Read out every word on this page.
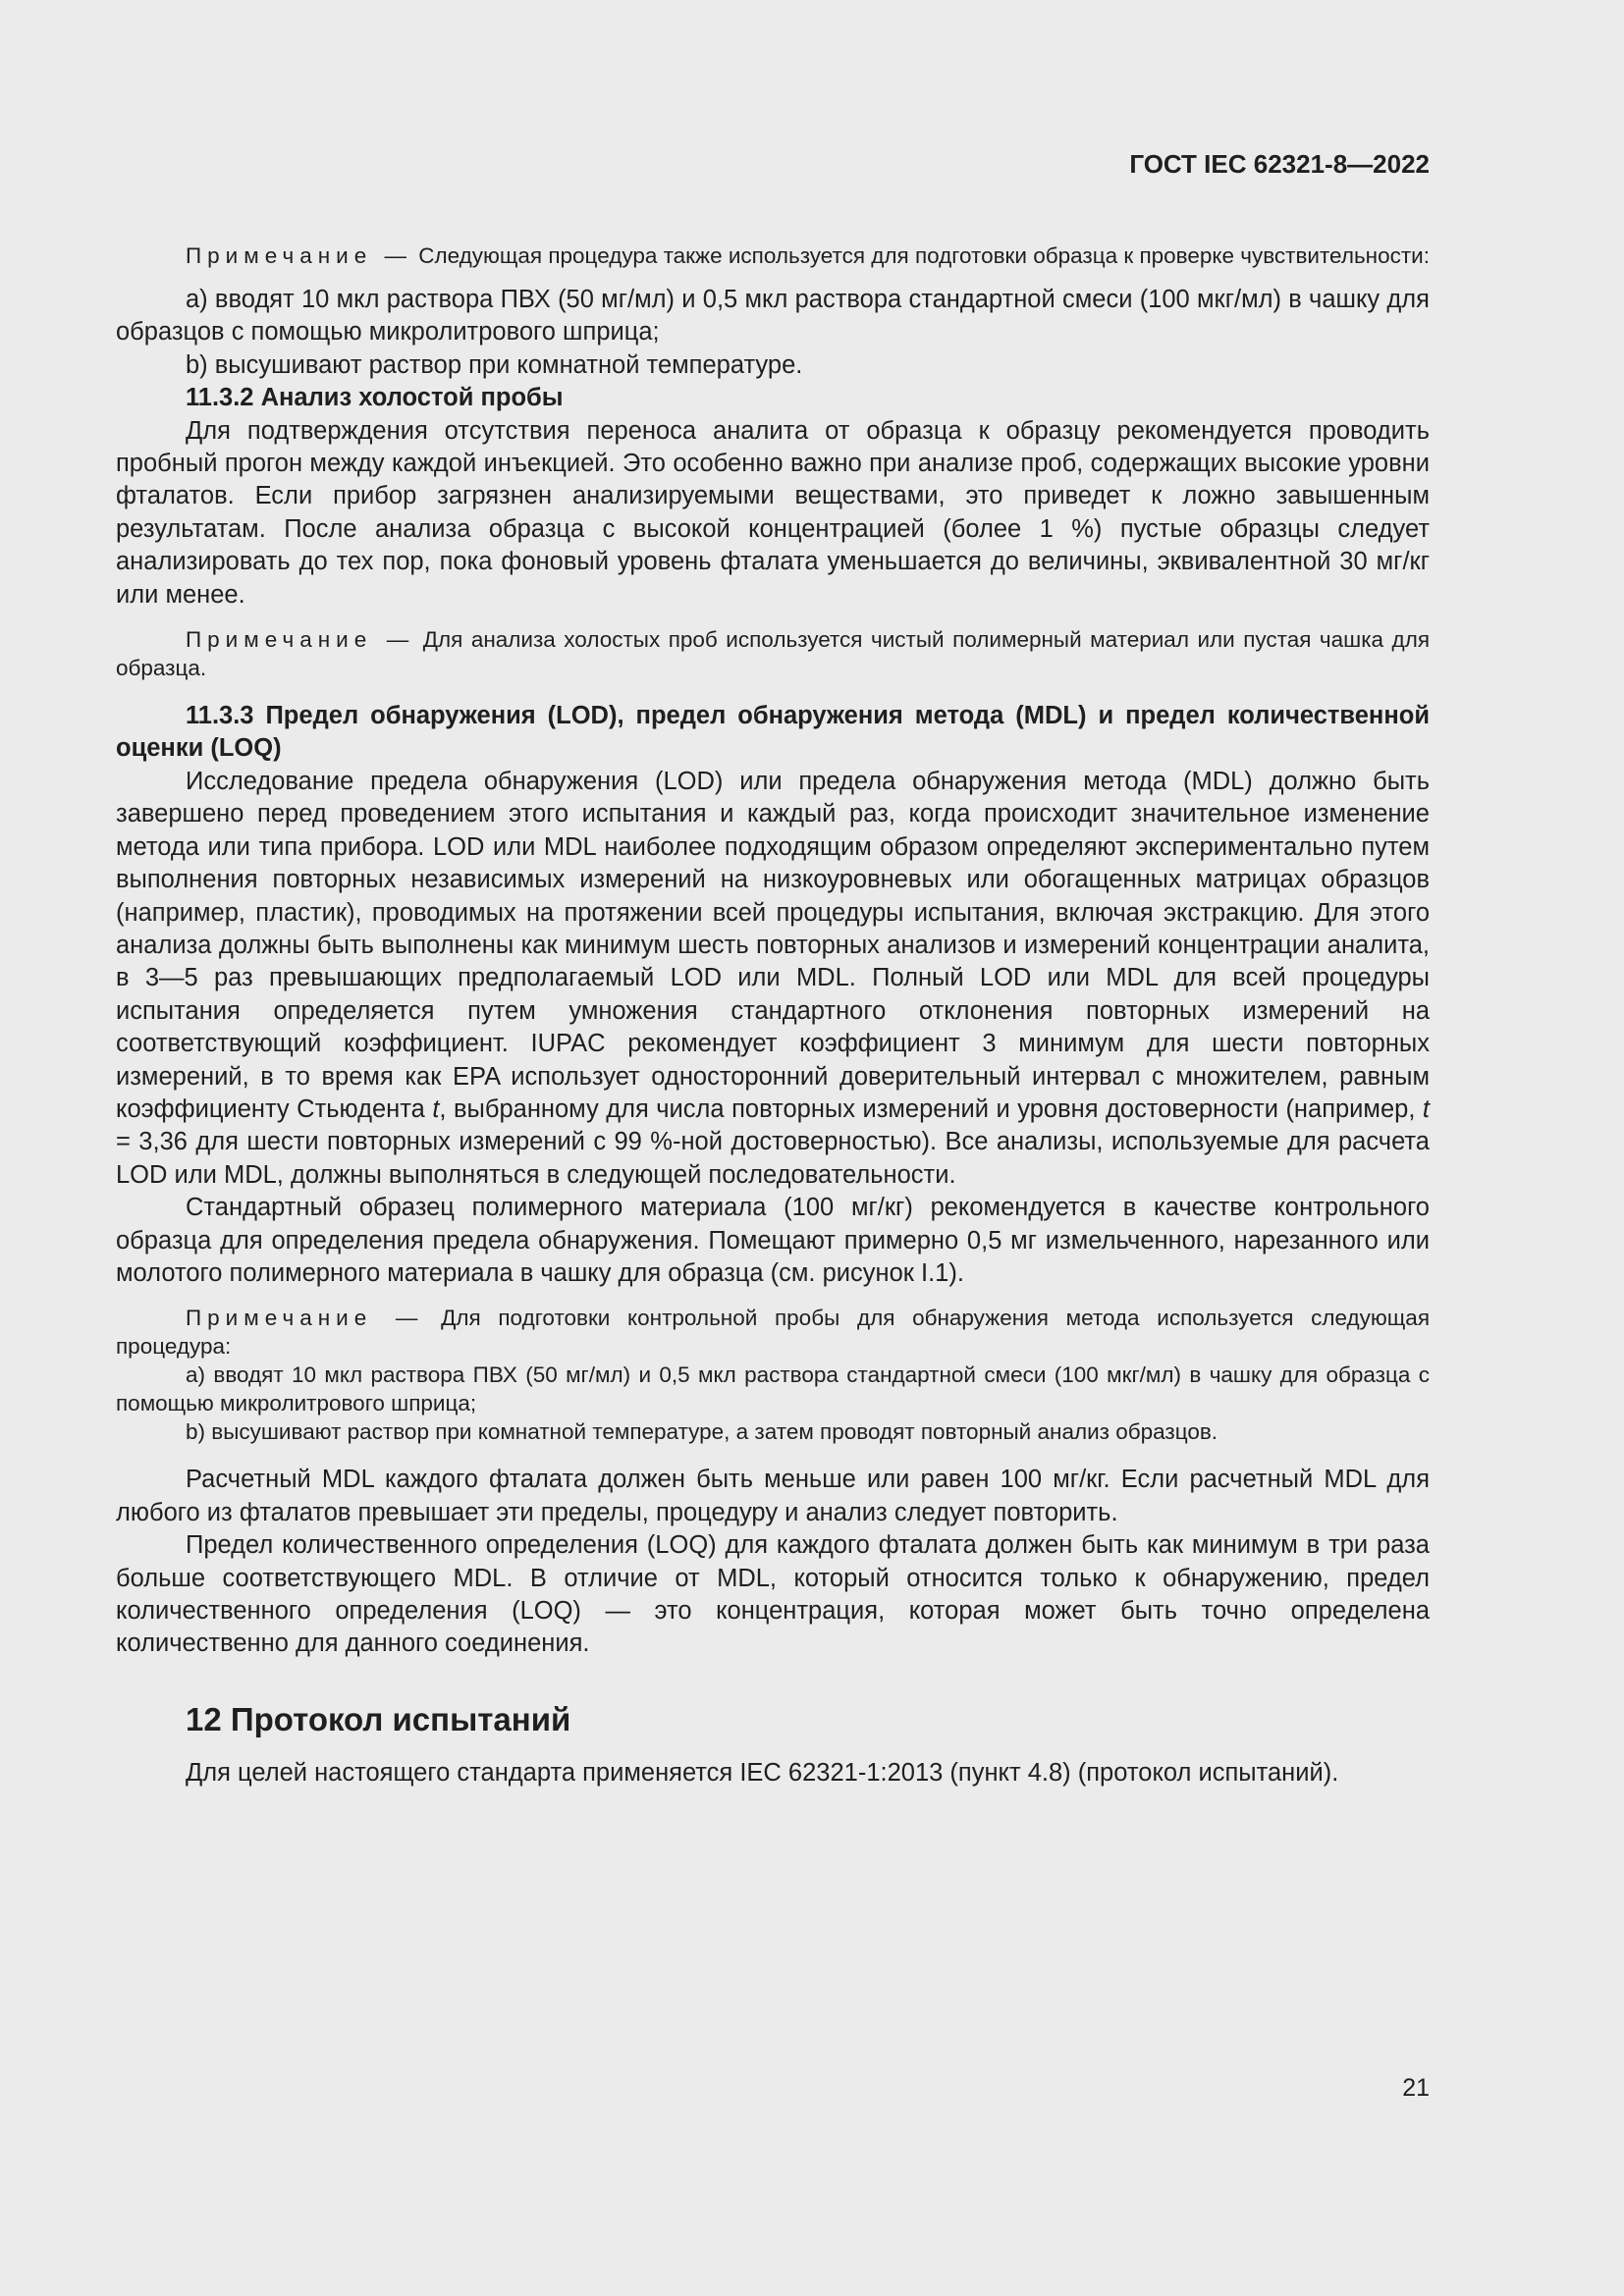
ГОСТ IEC 62321-8—2022

Примечание — Следующая процедура также используется для подготовки образца к проверке чувствительности:

a) вводят 10 мкл раствора ПВХ (50 мг/мл) и 0,5 мкл раствора стандартной смеси (100 мкг/мл) в чашку для образцов с помощью микролитрового шприца;

b) высушивают раствор при комнатной температуре.

11.3.2 Анализ холостой пробы

Для подтверждения отсутствия переноса аналита от образца к образцу рекомендуется проводить пробный прогон между каждой инъекцией. Это особенно важно при анализе проб, содержащих высокие уровни фталатов. Если прибор загрязнен анализируемыми веществами, это приведет к ложно завышенным результатам. После анализа образца с высокой концентрацией (более 1 %) пустые образцы следует анализировать до тех пор, пока фоновый уровень фталата уменьшается до величины, эквивалентной 30 мг/кг или менее.

Примечание — Для анализа холостых проб используется чистый полимерный материал или пустая чашка для образца.

11.3.3 Предел обнаружения (LOD), предел обнаружения метода (MDL) и предел количественной оценки (LOQ)

Исследование предела обнаружения (LOD) или предела обнаружения метода (MDL) должно быть завершено перед проведением этого испытания и каждый раз, когда происходит значительное изменение метода или типа прибора. LOD или MDL наиболее подходящим образом определяют экспериментально путем выполнения повторных независимых измерений на низкоуровневых или обогащенных матрицах образцов (например, пластик), проводимых на протяжении всей процедуры испытания, включая экстракцию. Для этого анализа должны быть выполнены как минимум шесть повторных анализов и измерений концентрации аналита, в 3—5 раз превышающих предполагаемый LOD или MDL. Полный LOD или MDL для всей процедуры испытания определяется путем умножения стандартного отклонения повторных измерений на соответствующий коэффициент. IUPAC рекомендует коэффициент 3 минимум для шести повторных измерений, в то время как EPA использует односторонний доверительный интервал с множителем, равным коэффициенту Стьюдента t, выбранному для числа повторных измерений и уровня достоверности (например, t = 3,36 для шести повторных измерений с 99 %-ной достоверностью). Все анализы, используемые для расчета LOD или MDL, должны выполняться в следующей последовательности.

Стандартный образец полимерного материала (100 мг/кг) рекомендуется в качестве контрольного образца для определения предела обнаружения. Помещают примерно 0,5 мг измельченного, нарезанного или молотого полимерного материала в чашку для образца (см. рисунок I.1).

Примечание — Для подготовки контрольной пробы для обнаружения метода используется следующая процедура:

a) вводят 10 мкл раствора ПВХ (50 мг/мл) и 0,5 мкл раствора стандартной смеси (100 мкг/мл) в чашку для образца с помощью микролитрового шприца;

b) высушивают раствор при комнатной температуре, а затем проводят повторный анализ образцов.

Расчетный MDL каждого фталата должен быть меньше или равен 100 мг/кг. Если расчетный MDL для любого из фталатов превышает эти пределы, процедуру и анализ следует повторить.

Предел количественного определения (LOQ) для каждого фталата должен быть как минимум в три раза больше соответствующего MDL. В отличие от MDL, который относится только к обнаружению, предел количественного определения (LOQ) — это концентрация, которая может быть точно определена количественно для данного соединения.

12 Протокол испытаний

Для целей настоящего стандарта применяется IEC 62321-1:2013 (пункт 4.8) (протокол испытаний).

21
